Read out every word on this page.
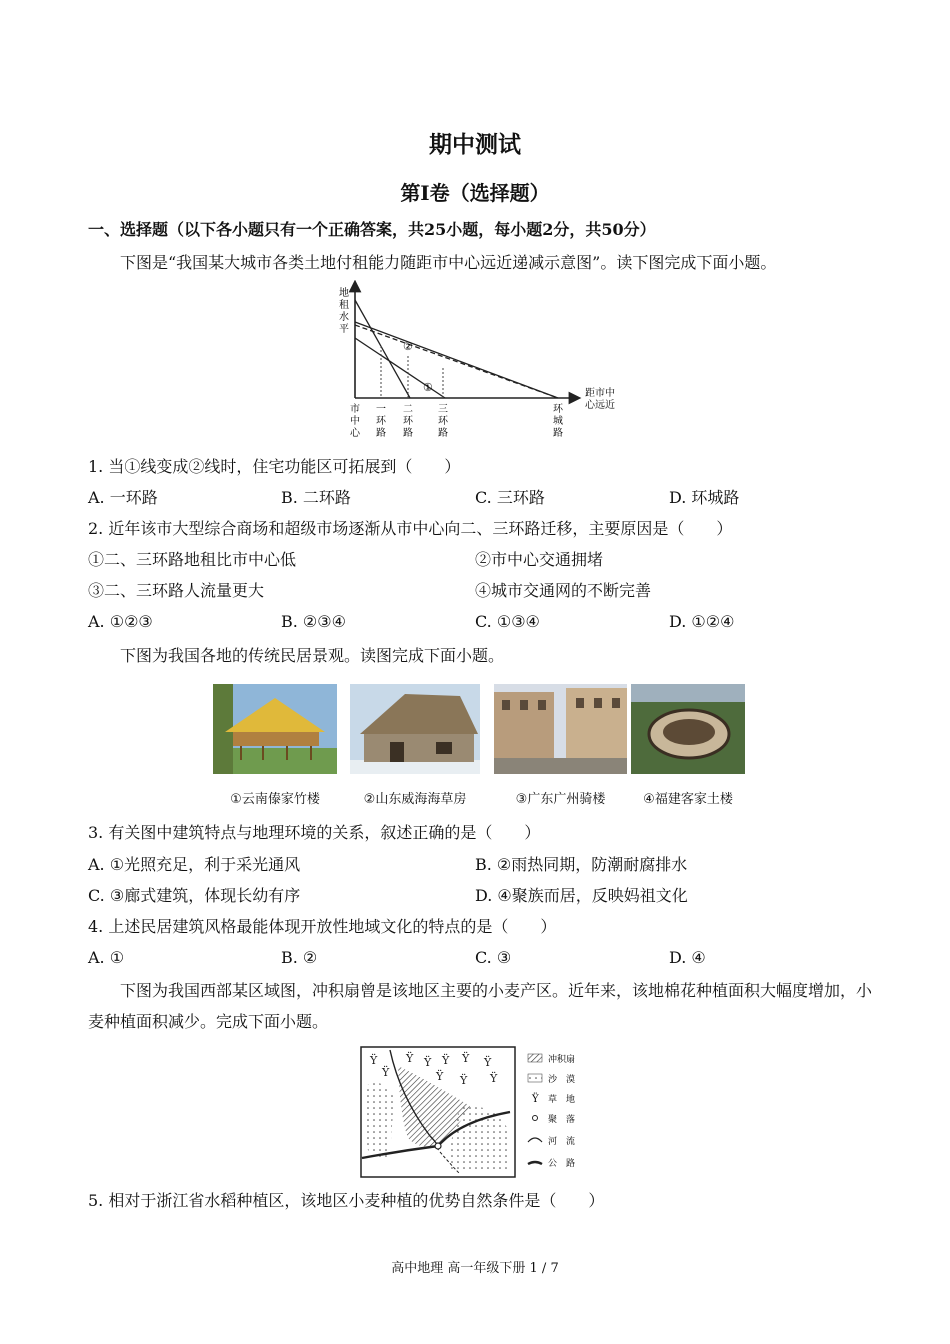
期中测试
第I卷（选择题）
一、选择题（以下各小题只有一个正确答案，共25小题，每小题2分，共50分）
下图是“我国某大城市各类土地付租能力随距市中心远近递减示意图”。读下图完成下面小题。
②
①
地
租
水
平
距市中
心远近
市
中
心
一
环
路
二
环
路
三
环
路
环
城
路
1. 当①线变成②线时，住宅功能区可拓展到（　　）
A. 一环路	B. 二环路	C. 三环路	D. 环城路
2. 近年该市大型综合商场和超级市场逐渐从市中心向二、三环路迁移，主要原因是（　　）
①二、三环路地租比市中心低	②市中心交通拥堵
③二、三环路人流量更大	④城市交通网的不断完善
A. ①②③	B. ②③④	C. ①③④	D. ①②④
下图为我国各地的传统民居景观。读图完成下面小题。
①云南傣家竹楼	②山东威海海草房	③广东广州骑楼	④福建客家土楼
3. 有关图中建筑特点与地理环境的关系，叙述正确的是（　　）
A. ①光照充足，利于采光通风	B. ②雨热同期，防潮耐腐排水
C. ③廊式建筑，体现长幼有序	D. ④聚族而居，反映妈祖文化
4. 上述民居建筑风格最能体现开放性地域文化的特点的是（　　）
A. ①	B. ②	C. ③	D. ④
下图为我国西部某区域图，冲积扇曾是该地区主要的小麦产区。近年来，该地棉花种植面积大幅度增加，小麦种植面积减少。完成下面小题。
Ÿ	Ÿ Ÿ Ÿ Ÿ Ÿ
Ÿ	Ÿ Ÿ Ÿ
冲积扇
沙　漠
Ÿ 草　地
聚　落
河　流
公　路
5. 相对于浙江省水稻种植区，该地区小麦种植的优势自然条件是（　　）
高中地理 高一年级下册 1 / 7
